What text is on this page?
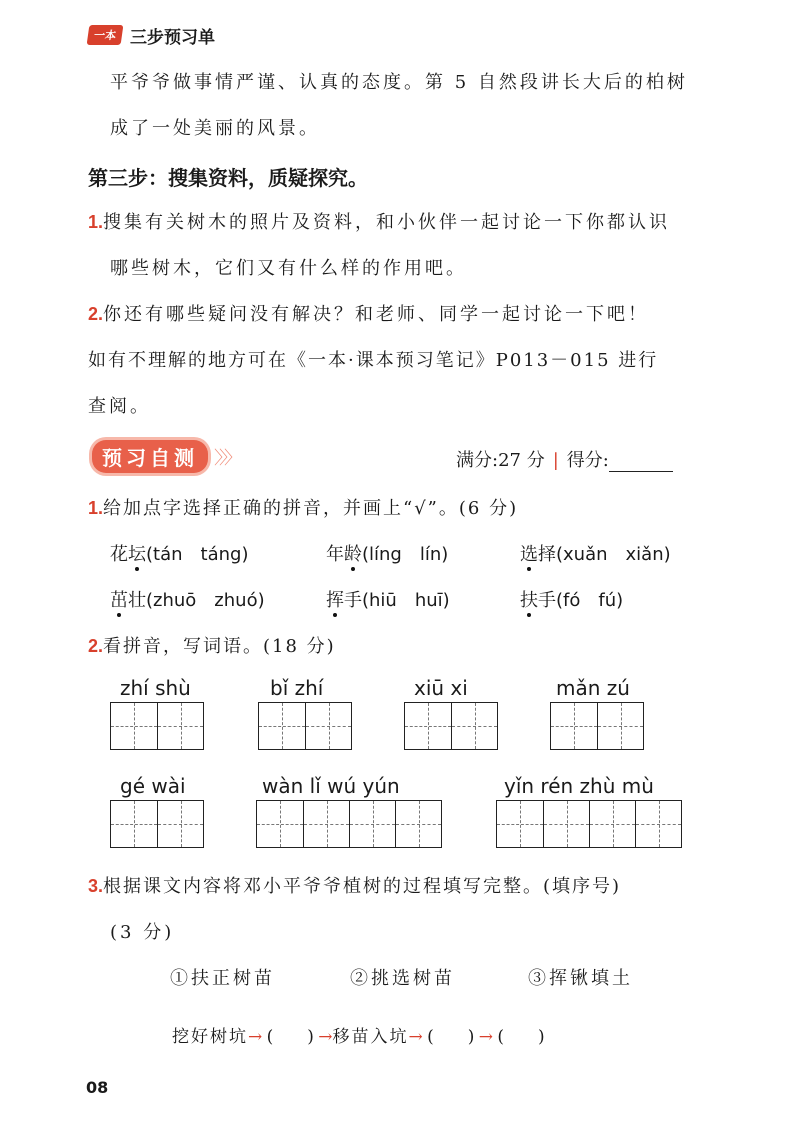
一本 三步预习单
平爷爷做事情严谨、认真的态度。第 5 自然段讲长大后的柏树
成了一处美丽的风景。
第三步：搜集资料，质疑探究。
1.搜集有关树木的照片及资料，和小伙伴一起讨论一下你都认识
哪些树木，它们又有什么样的作用吧。
2.你还有哪些疑问没有解决？和老师、同学一起讨论一下吧！
如有不理解的地方可在《一本·课本预习笔记》P013－015 进行
查阅。
预习自测 〉〉〉	满分:27 分 | 得分:
1.给加点字选择正确的拼音，并画上“√”。(6 分)
花坛(tán　táng)	年龄(líng　lín)	选择(xuǎn　xiǎn)
茁壮(zhuō　zhuó)	挥手(hiū　huī)	扶手(fó　fú)
2.看拼音，写词语。(18 分)
zhí shù	bǐ zhí	xiū xi	mǎn zú
gé wài	wàn lǐ wú yún	yǐn rén zhù mù
3.根据课文内容将邓小平爷爷植树的过程填写完整。(填序号)
(3 分)
①扶正树苗	②挑选树苗	③挥锹填土
挖好树坑→ (　　 ) →移苗入坑→ (　　 ) → (　　 )
08
